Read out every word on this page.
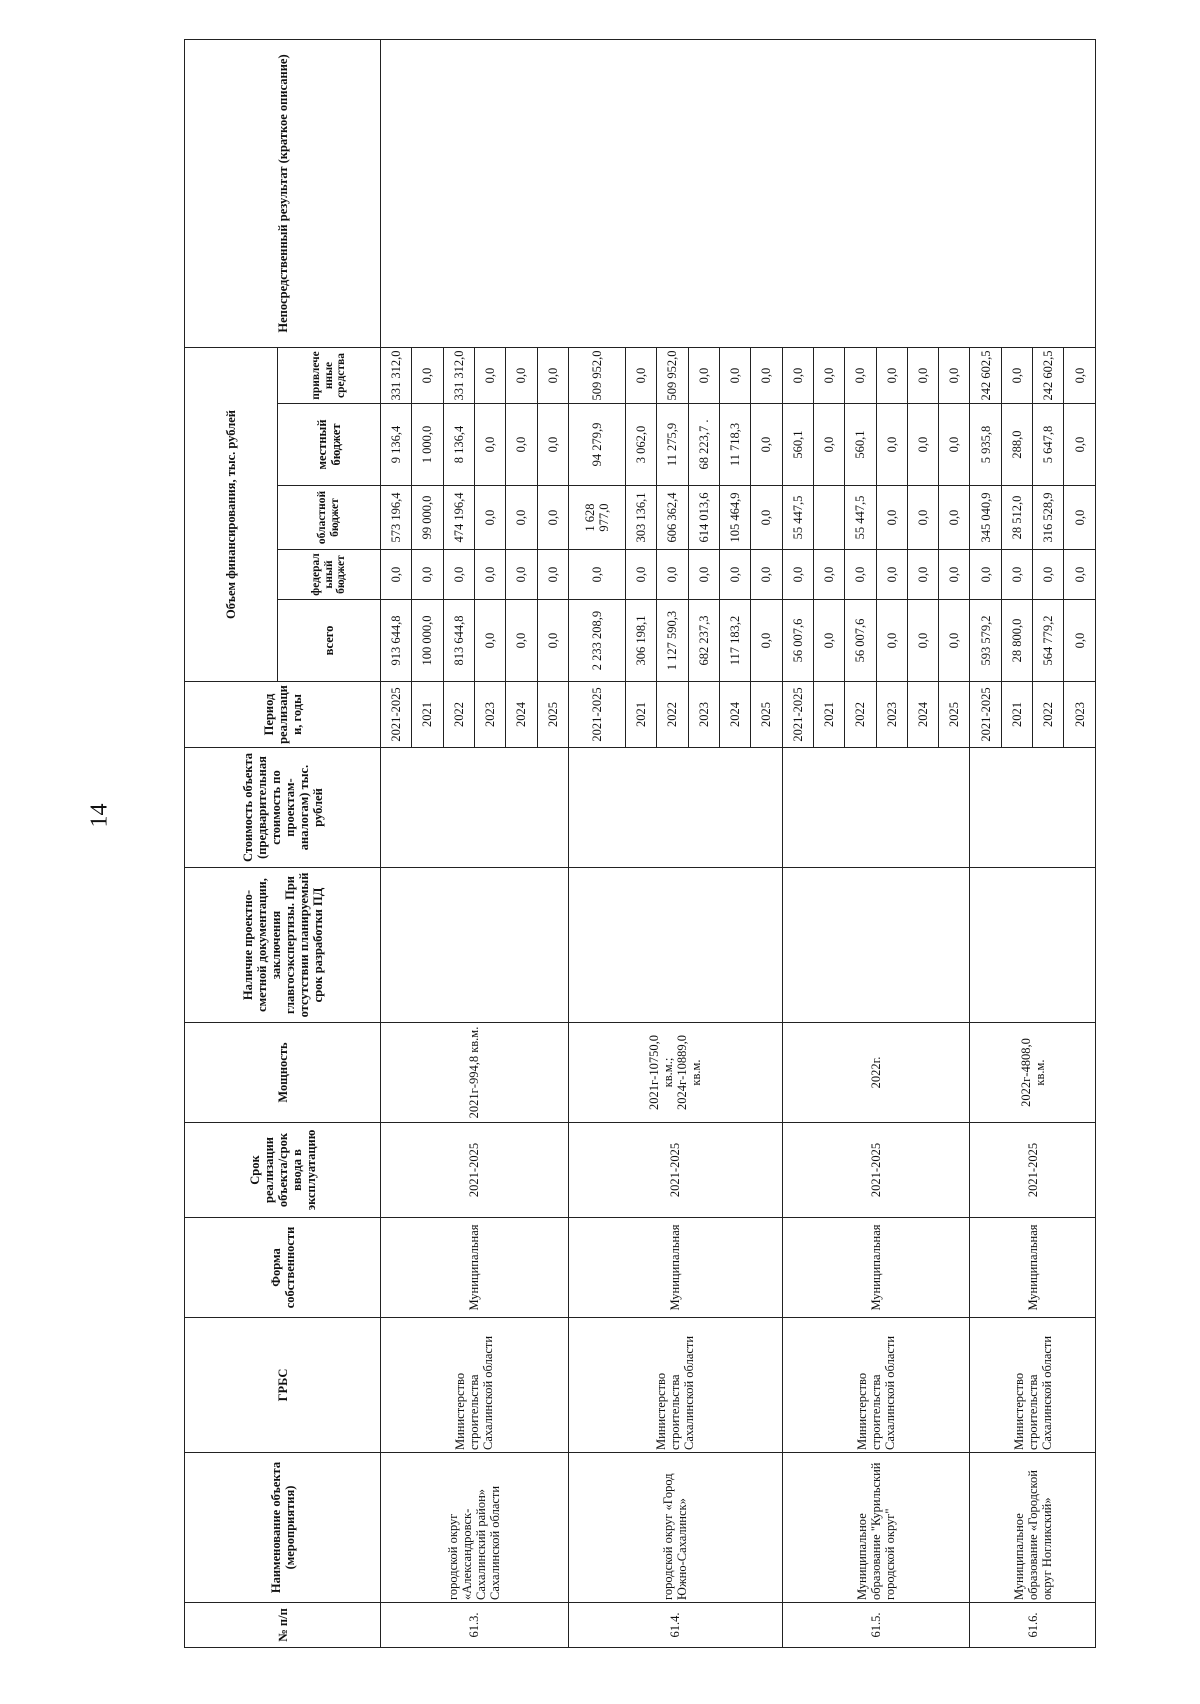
14
№ п/п	Наименование объекта (мероприятия)	ГРБС	Форма собственности	Срок реализации объекта/срок ввода в эксплуатацию	Мощность	Наличие проектно-сметной документации, заключения главгосэкспертизы. При отсутствии планируемый срок разработки ПД	Стоимость объекта (предварительная стоимость по проектам-аналогам) тыс. рублей	Период реализации, годы	Объем финансирования, тыс. рублей					Непосредственный результат (краткое описание)
									всего	федеральный бюджет	областной бюджет	местный бюджет	привлеченные средства	
61.3.	городской округ «Александровск-Сахалинский район» Сахалинской области	Министерство строительства Сахалинской области	Муниципальная	2021-2025	2021г-994,8 кв.м.			2021-2025	913 644,8	0,0	573 196,4	9 136,4	331 312,0	
								2021	100 000,0	0,0	99 000,0	1 000,0	0,0	
								2022	813 644,8	0,0	474 196,4	8 136,4	331 312,0	
								2023	0,0	0,0	0,0	0,0	0,0	
								2024	0,0	0,0	0,0	0,0	0,0	
								2025	0,0	0,0	0,0	0,0	0,0	
61.4.	городской округ «Город Южно-Сахалинск»	Министерство строительства Сахалинской области	Муниципальная	2021-2025	2021г-10750,0 кв.м.; 2024г-10889,0 кв.м.			2021-2025	2 233 208,9	0,0	1 628 977,0	94 279,9	509 952,0	
								2021	306 198,1	0,0	303 136,1	3 062,0	0,0	
								2022	1 127 590,3	0,0	606 362,4	11 275,9	509 952,0	
								2023	682 237,3	0,0	614 013,6	68 223,7 .	0,0	
								2024	117 183,2	0,0	105 464,9	11 718,3	0,0	
								2025	0,0	0,0	0,0	0,0	0,0	
61.5.	Муниципальное образование "Курильский городской округ"	Министерство строительства Сахалинской области	Муниципальная	2021-2025	2022г.			2021-2025	56 007,6	0,0	55 447,5	560,1	0,0	
								2021	0,0	0,0		0,0	0,0	
								2022	56 007,6	0,0	55 447,5	560,1	0,0	
								2023	0,0	0,0	0,0	0,0	0,0	
								2024	0,0	0,0	0,0	0,0	0,0	
								2025	0,0	0,0	0,0	0,0	0,0	
61.6.	Муниципальное образование «Городской округ Ногликский»	Министерство строительства Сахалинской области	Муниципальная	2021-2025	2022г-4808,0 кв.м.			2021-2025	593 579,2	0,0	345 040,9	5 935,8	242 602,5	
								2021	28 800,0	0,0	28 512,0	288,0	0,0	
								2022	564 779,2	0,0	316 528,9	5 647,8	242 602,5	
								2023	0,0	0,0	0,0	0,0	0,0	
